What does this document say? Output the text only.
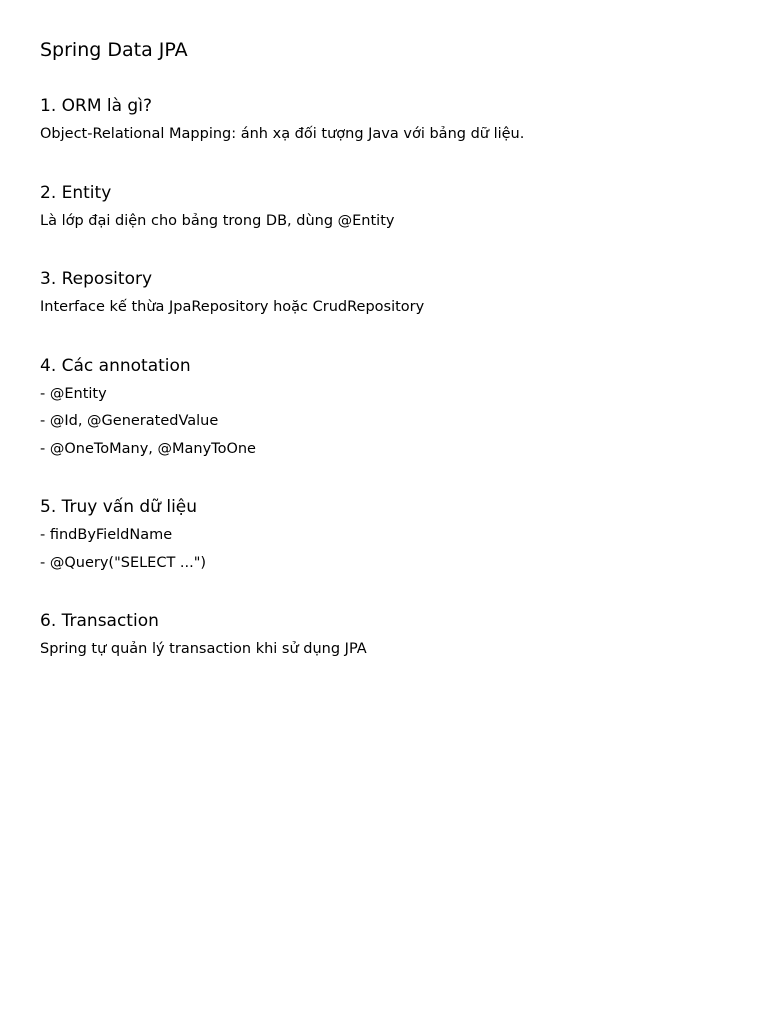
Spring Data JPA
1. ORM là gì?

Object-Relational Mapping: ánh xạ đối tượng Java với bảng dữ liệu.

2. Entity

Là lớp đại diện cho bảng trong DB, dùng @Entity

3. Repository

Interface kế thừa JpaRepository hoặc CrudRepository

4. Các annotation

- @Entity

- @Id, @GeneratedValue

- @OneToMany, @ManyToOne

5. Truy vấn dữ liệu

- findByFieldName

- @Query("SELECT ...")

6. Transaction

Spring tự quản lý transaction khi sử dụng JPA
